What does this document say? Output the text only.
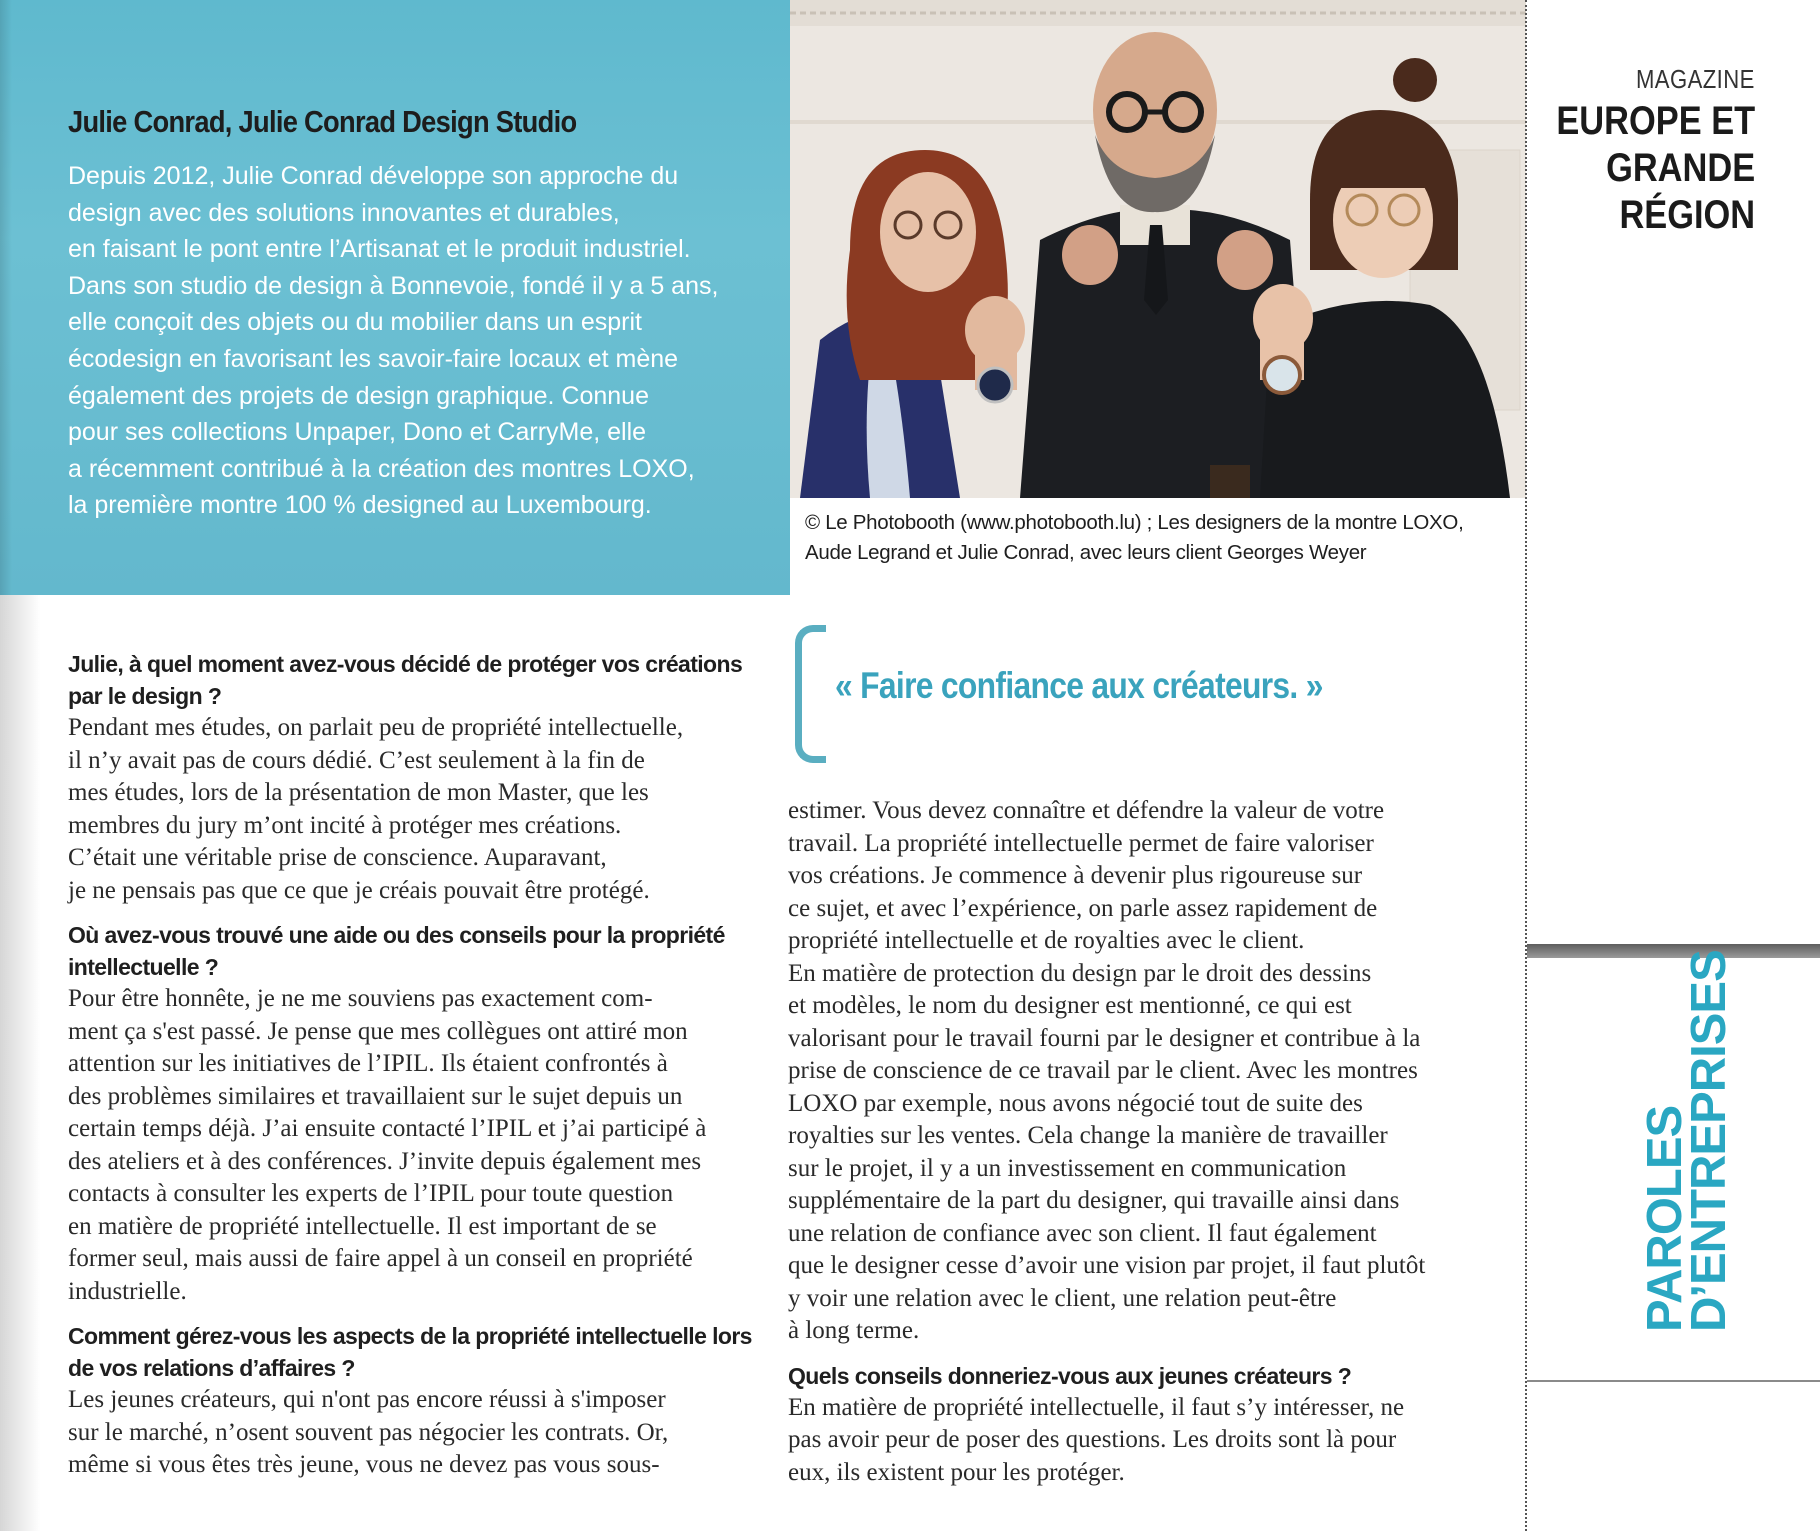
Julie Conrad, Julie Conrad Design Studio
Depuis 2012, Julie Conrad développe son approche du
design avec des solutions innovantes et durables,
en faisant le pont entre l’Artisanat et le produit industriel.
Dans son studio de design à Bonnevoie, fondé il y a 5 ans,
elle conçoit des objets ou du mobilier dans un esprit
écodesign en favorisant les savoir-faire locaux et mène
également des projets de design graphique. Connue
pour ses collections Unpaper, Dono et CarryMe, elle
a récemment contribué à la création des montres LOXO,
la première montre 100 % designed au Luxembourg.
© Le Photobooth (www.photobooth.lu) ; Les designers de la montre LOXO,
Aude Legrand et Julie Conrad, avec leurs client Georges Weyer
MAGAZINE
EUROPE ET
GRANDE
RÉGION
PAROLES
D’ENTREPRISES
Julie, à quel moment avez-vous décidé de protéger vos créations
par le design ?
Pendant mes études, on parlait peu de propriété intellectuelle,
il n’y avait pas de cours dédié. C’est seulement à la fin de
mes études, lors de la présentation de mon Master, que les
membres du jury m’ont incité à protéger mes créations.
C’était une véritable prise de conscience. Auparavant,
je ne pensais pas que ce que je créais pouvait être protégé.
Où avez-vous trouvé une aide ou des conseils pour la propriété
intellectuelle ?
Pour être honnête, je ne me souviens pas exactement com-
ment ça s'est passé. Je pense que mes collègues ont attiré mon
attention sur les initiatives de l’IPIL. Ils étaient confrontés à
des problèmes similaires et travaillaient sur le sujet depuis un
certain temps déjà. J’ai ensuite contacté l’IPIL et j’ai participé à
des ateliers et à des conférences. J’invite depuis également mes
contacts à consulter les experts de l’IPIL pour toute question
en matière de propriété intellectuelle. Il est important de se
former seul, mais aussi de faire appel à un conseil en propriété
industrielle.
Comment gérez-vous les aspects de la propriété intellectuelle lors
de vos relations d’affaires ?
Les jeunes créateurs, qui n'ont pas encore réussi à s'imposer
sur le marché, n’osent souvent pas négocier les contrats. Or,
même si vous êtes très jeune, vous ne devez pas vous sous-
« Faire confiance aux créateurs. »
estimer. Vous devez connaître et défendre la valeur de votre
travail. La propriété intellectuelle permet de faire valoriser
vos créations. Je commence à devenir plus rigoureuse sur
ce sujet, et avec l’expérience, on parle assez rapidement de
propriété intellectuelle et de royalties avec le client.
En matière de protection du design par le droit des dessins
et modèles, le nom du designer est mentionné, ce qui est
valorisant pour le travail fourni par le designer et contribue à la
prise de conscience de ce travail par le client. Avec les montres
LOXO par exemple, nous avons négocié tout de suite des
royalties sur les ventes. Cela change la manière de travailler
sur le projet, il y a un investissement en communication
supplémentaire de la part du designer, qui travaille ainsi dans
une relation de confiance avec son client. Il faut également
que le designer cesse d’avoir une vision par projet, il faut plutôt
y voir une relation avec le client, une relation peut-être
à long terme.
Quels conseils donneriez-vous aux jeunes créateurs ?
En matière de propriété intellectuelle, il faut s’y intéresser, ne
pas avoir peur de poser des questions. Les droits sont là pour
eux, ils existent pour les protéger.
